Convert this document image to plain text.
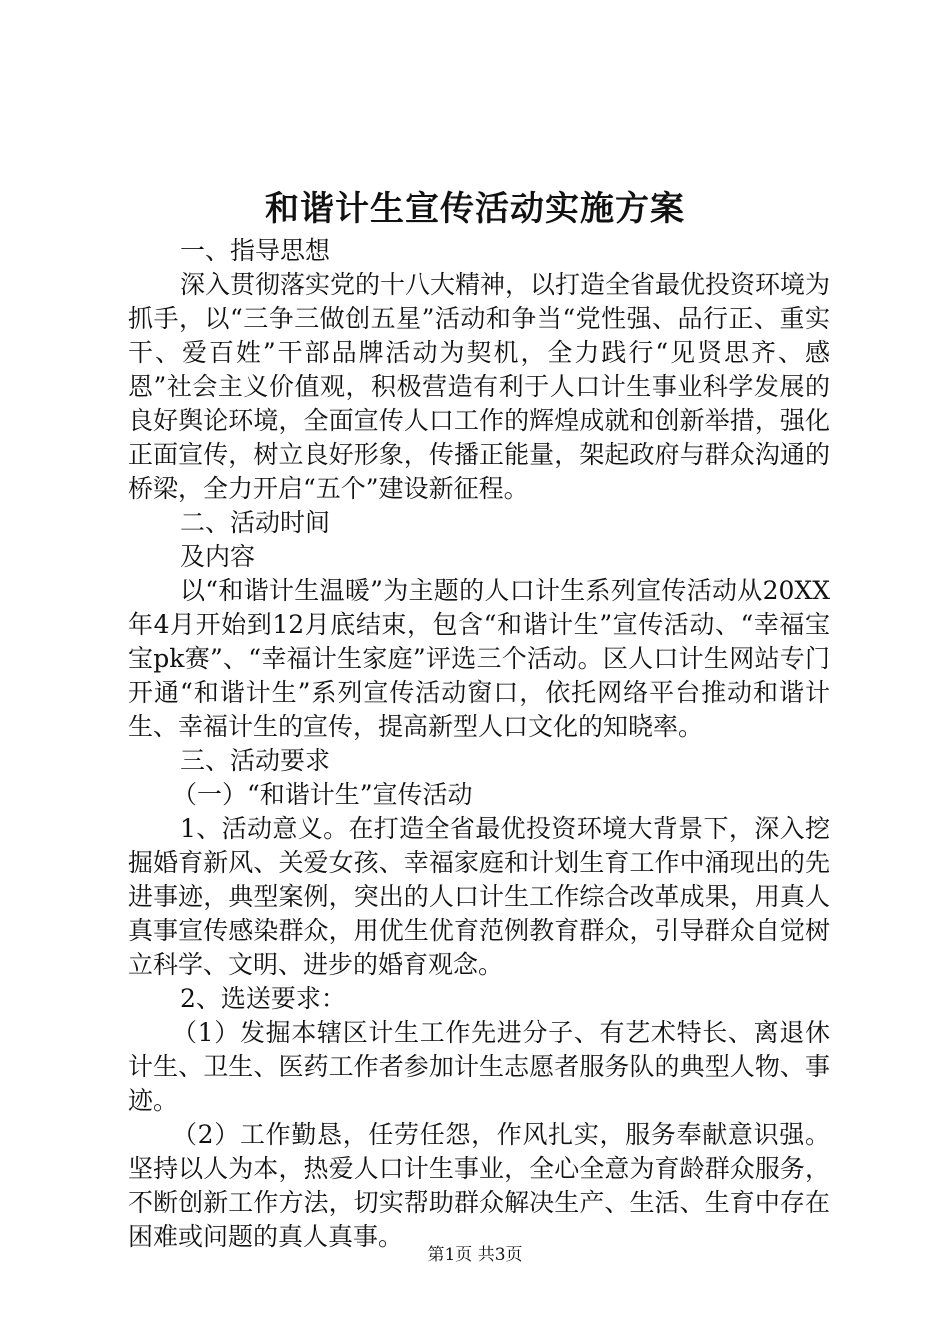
和谐计生宣传活动实施方案

一、指导思想

深入贯彻落实党的十八大精神，以打造全省最优投资环境为抓手，以“三争三做创五星”活动和争当“党性强、品行正、重实干、爱百姓”干部品牌活动为契机，全力践行“见贤思齐、感恩”社会主义价值观，积极营造有利于人口计生事业科学发展的良好舆论环境，全面宣传人口工作的辉煌成就和创新举措，强化正面宣传，树立良好形象，传播正能量，架起政府与群众沟通的桥梁，全力开启“五个”建设新征程。

二、活动时间

及内容

以“和谐计生温暖”为主题的人口计生系列宣传活动从20XX年4月开始到12月底结束，包含“和谐计生”宣传活动、“幸福宝宝pk赛”、“幸福计生家庭”评选三个活动。区人口计生网站专门开通“和谐计生”系列宣传活动窗口，依托网络平台推动和谐计生、幸福计生的宣传，提高新型人口文化的知晓率。

三、活动要求

（一）“和谐计生”宣传活动

1、活动意义。在打造全省最优投资环境大背景下，深入挖掘婚育新风、关爱女孩、幸福家庭和计划生育工作中涌现出的先进事迹，典型案例，突出的人口计生工作综合改革成果，用真人真事宣传感染群众，用优生优育范例教育群众，引导群众自觉树立科学、文明、进步的婚育观念。

2、选送要求：

（1）发掘本辖区计生工作先进分子、有艺术特长、离退休计生、卫生、医药工作者参加计生志愿者服务队的典型人物、事迹。

（2）工作勤恳，任劳任怨，作风扎实，服务奉献意识强。坚持以人为本，热爱人口计生事业，全心全意为育龄群众服务，不断创新工作方法，切实帮助群众解决生产、生活、生育中存在困难或问题的真人真事。

第1页 共3页
